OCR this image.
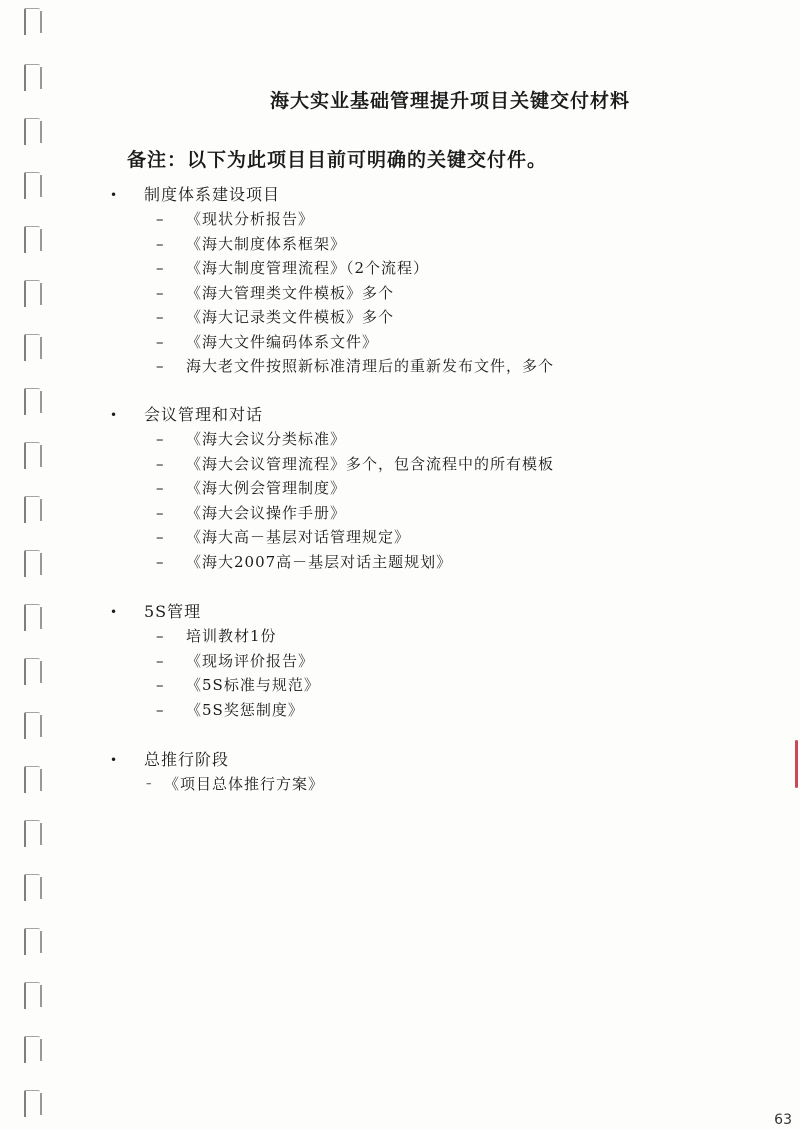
海大实业基础管理提升项目关键交付材料
备注：以下为此项目目前可明确的关键交付件。
•	制度体系建设项目
–	《现状分析报告》
–	《海大制度体系框架》
–	《海大制度管理流程》（2个流程）
–	《海大管理类文件模板》多个
–	《海大记录类文件模板》多个
–	《海大文件编码体系文件》
–	海大老文件按照新标准清理后的重新发布文件，多个
•	会议管理和对话
–	《海大会议分类标准》
–	《海大会议管理流程》多个，包含流程中的所有模板
–	《海大例会管理制度》
–	《海大会议操作手册》
–	《海大高－基层对话管理规定》
–	《海大2007高－基层对话主题规划》
•	5S管理
–	培训教材1份
–	《现场评价报告》
–	《5S标准与规范》
–	《5S奖惩制度》
•	总推行阶段
– 《项目总体推行方案》
63
